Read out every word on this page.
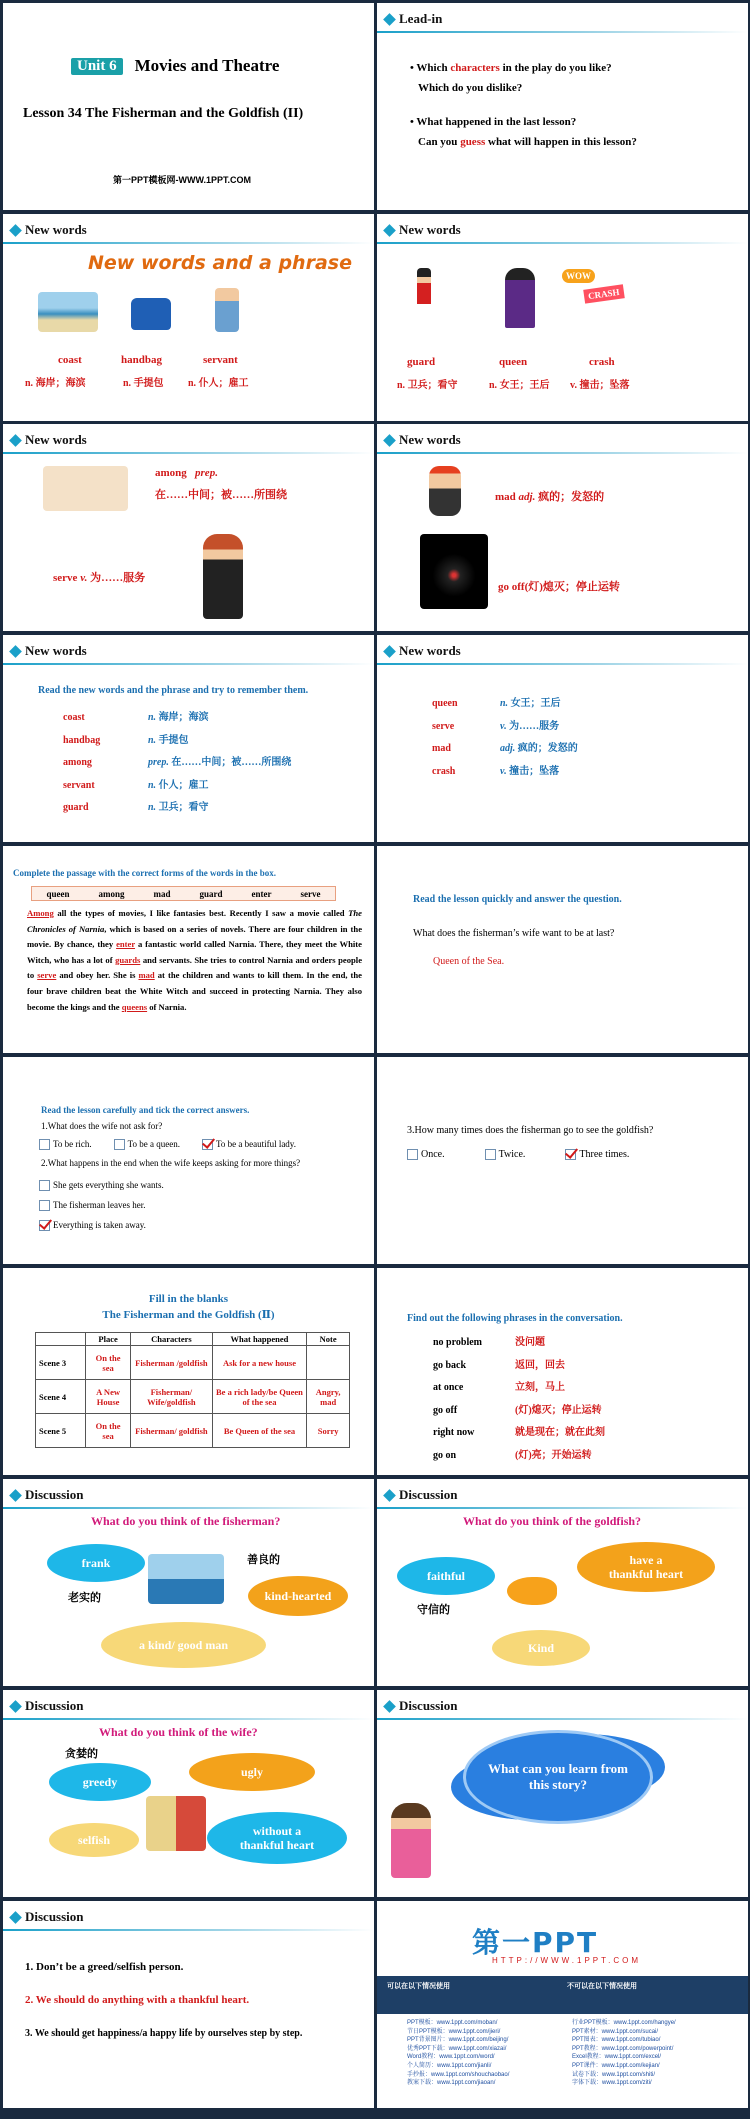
Unit 6	Movies and Theatre
Lesson 34 The Fisherman and the Goldfish (II)
第一PPT模板网-WWW.1PPT.COM
Lead-in
• Which characters in the play do you like?
Which do you dislike?
• What happened in the last lesson?
Can you guess what will happen in this lesson?
New words
New words and a phrase
coast	handbag	servant
n. 海岸；海滨	n. 手提包 n. 仆人；雇工
New words
WOW
CRASH
guard	queen	crash
n. 卫兵；看守	n. 女王；王后 v. 撞击；坠落
New words
among prep.
在……中间；被……所围绕
serve v. 为……服务
New words
mad adj. 疯的；发怒的
go off(灯)熄灭；停止运转
New words
Read the new words and the phrase and try to remember them.
coast	n. 海岸；海滨
handbag	n. 手提包
among	prep. 在……中间；被……所围绕
servant	n. 仆人；雇工
guard	n. 卫兵；看守
New words
queen	n. 女王；王后
serve	v. 为……服务
mad	adj. 疯的；发怒的
crash	v. 撞击；坠落
Complete the passage with the correct forms of the words in the box.
queen	among	mad	guard	enter	serve
Among all the types of movies, I like fantasies best. Recently I saw a movie called The Chronicles of Narnia, which is based on a series of novels. There are four children in the movie. By chance, they enter a fantastic world called Narnia. There, they meet the White Witch, who has a lot of guards and servants. She tries to control Narnia and orders people to serve and obey her. She is mad at the children and wants to kill them. In the end, the four brave children beat the White Witch and succeed in protecting Narnia. They also become the kings and the queens of Narnia.
Read the lesson quickly and answer the question.
What does the fisherman’s wife want to be at last?
Queen of the Sea.
Read the lesson carefully and tick the correct answers.
1.What does the wife not ask for?
To be rich.	To be a queen.	To be a beautiful lady.
2.What happens in the end when the wife keeps asking for more things?
She gets everything she wants.
The fisherman leaves her.
Everything is taken away.
3.How many times does the fisherman go to see the goldfish?
Once.	Twice.	Three times.
Fill in the blanks
The Fisherman and the Goldfish (Ⅱ)
	Place	Characters	What happened	Note
Scene 3	On the sea	Fisherman /goldfish	Ask for a new house	
Scene 4	A New House	Fisherman/ Wife/goldfish	Be a rich lady/be Queen of the sea	Angry, mad
Scene 5	On the sea	Fisherman/ goldfish	Be Queen of the sea	Sorry
Find out the following phrases in the conversation.
no problem	没问题
go back	返回，回去
at once	立刻，马上
go off	(灯)熄灭；停止运转
right now	就是现在；就在此刻
go on	(灯)亮；开始运转
Discussion
What do you think of the fisherman?
frank
老实的
善良的
kind-hearted
a kind/ good man
Discussion
What do you think of the goldfish?
faithful
守信的
have a thankful heart
Kind
Discussion
What do you think of the wife?
贪婪的
greedy
ugly
selfish
without a thankful heart
Discussion
What can you learn from this story?
Discussion
1. Don’t be a greed/selfish person.
2. We should do anything with a thankful heart.
3. We should get happiness/a happy life by ourselves step by step.
第一PPT
HTTP://WWW.1PPT.COM
可以在以下情况使用	不可以在以下情况使用
PPT模板：www.1ppt.com/moban/
节日PPT模板：www.1ppt.com/jieri/
PPT背景图片：www.1ppt.com/beijing/
优秀PPT下载：www.1ppt.com/xiazai/
Word教程：www.1ppt.com/word/
个人简历：www.1ppt.com/jianli/
手抄报：www.1ppt.com/shouchaobao/
教案下载：www.1ppt.com/jiaoan/
行业PPT模板：www.1ppt.com/hangye/
PPT素材：www.1ppt.com/sucai/
PPT图表：www.1ppt.com/tubiao/
PPT教程：www.1ppt.com/powerpoint/
Excel教程：www.1ppt.com/excel/
PPT课件：www.1ppt.com/kejian/
试卷下载：www.1ppt.com/shiti/
字体下载：www.1ppt.com/ziti/
